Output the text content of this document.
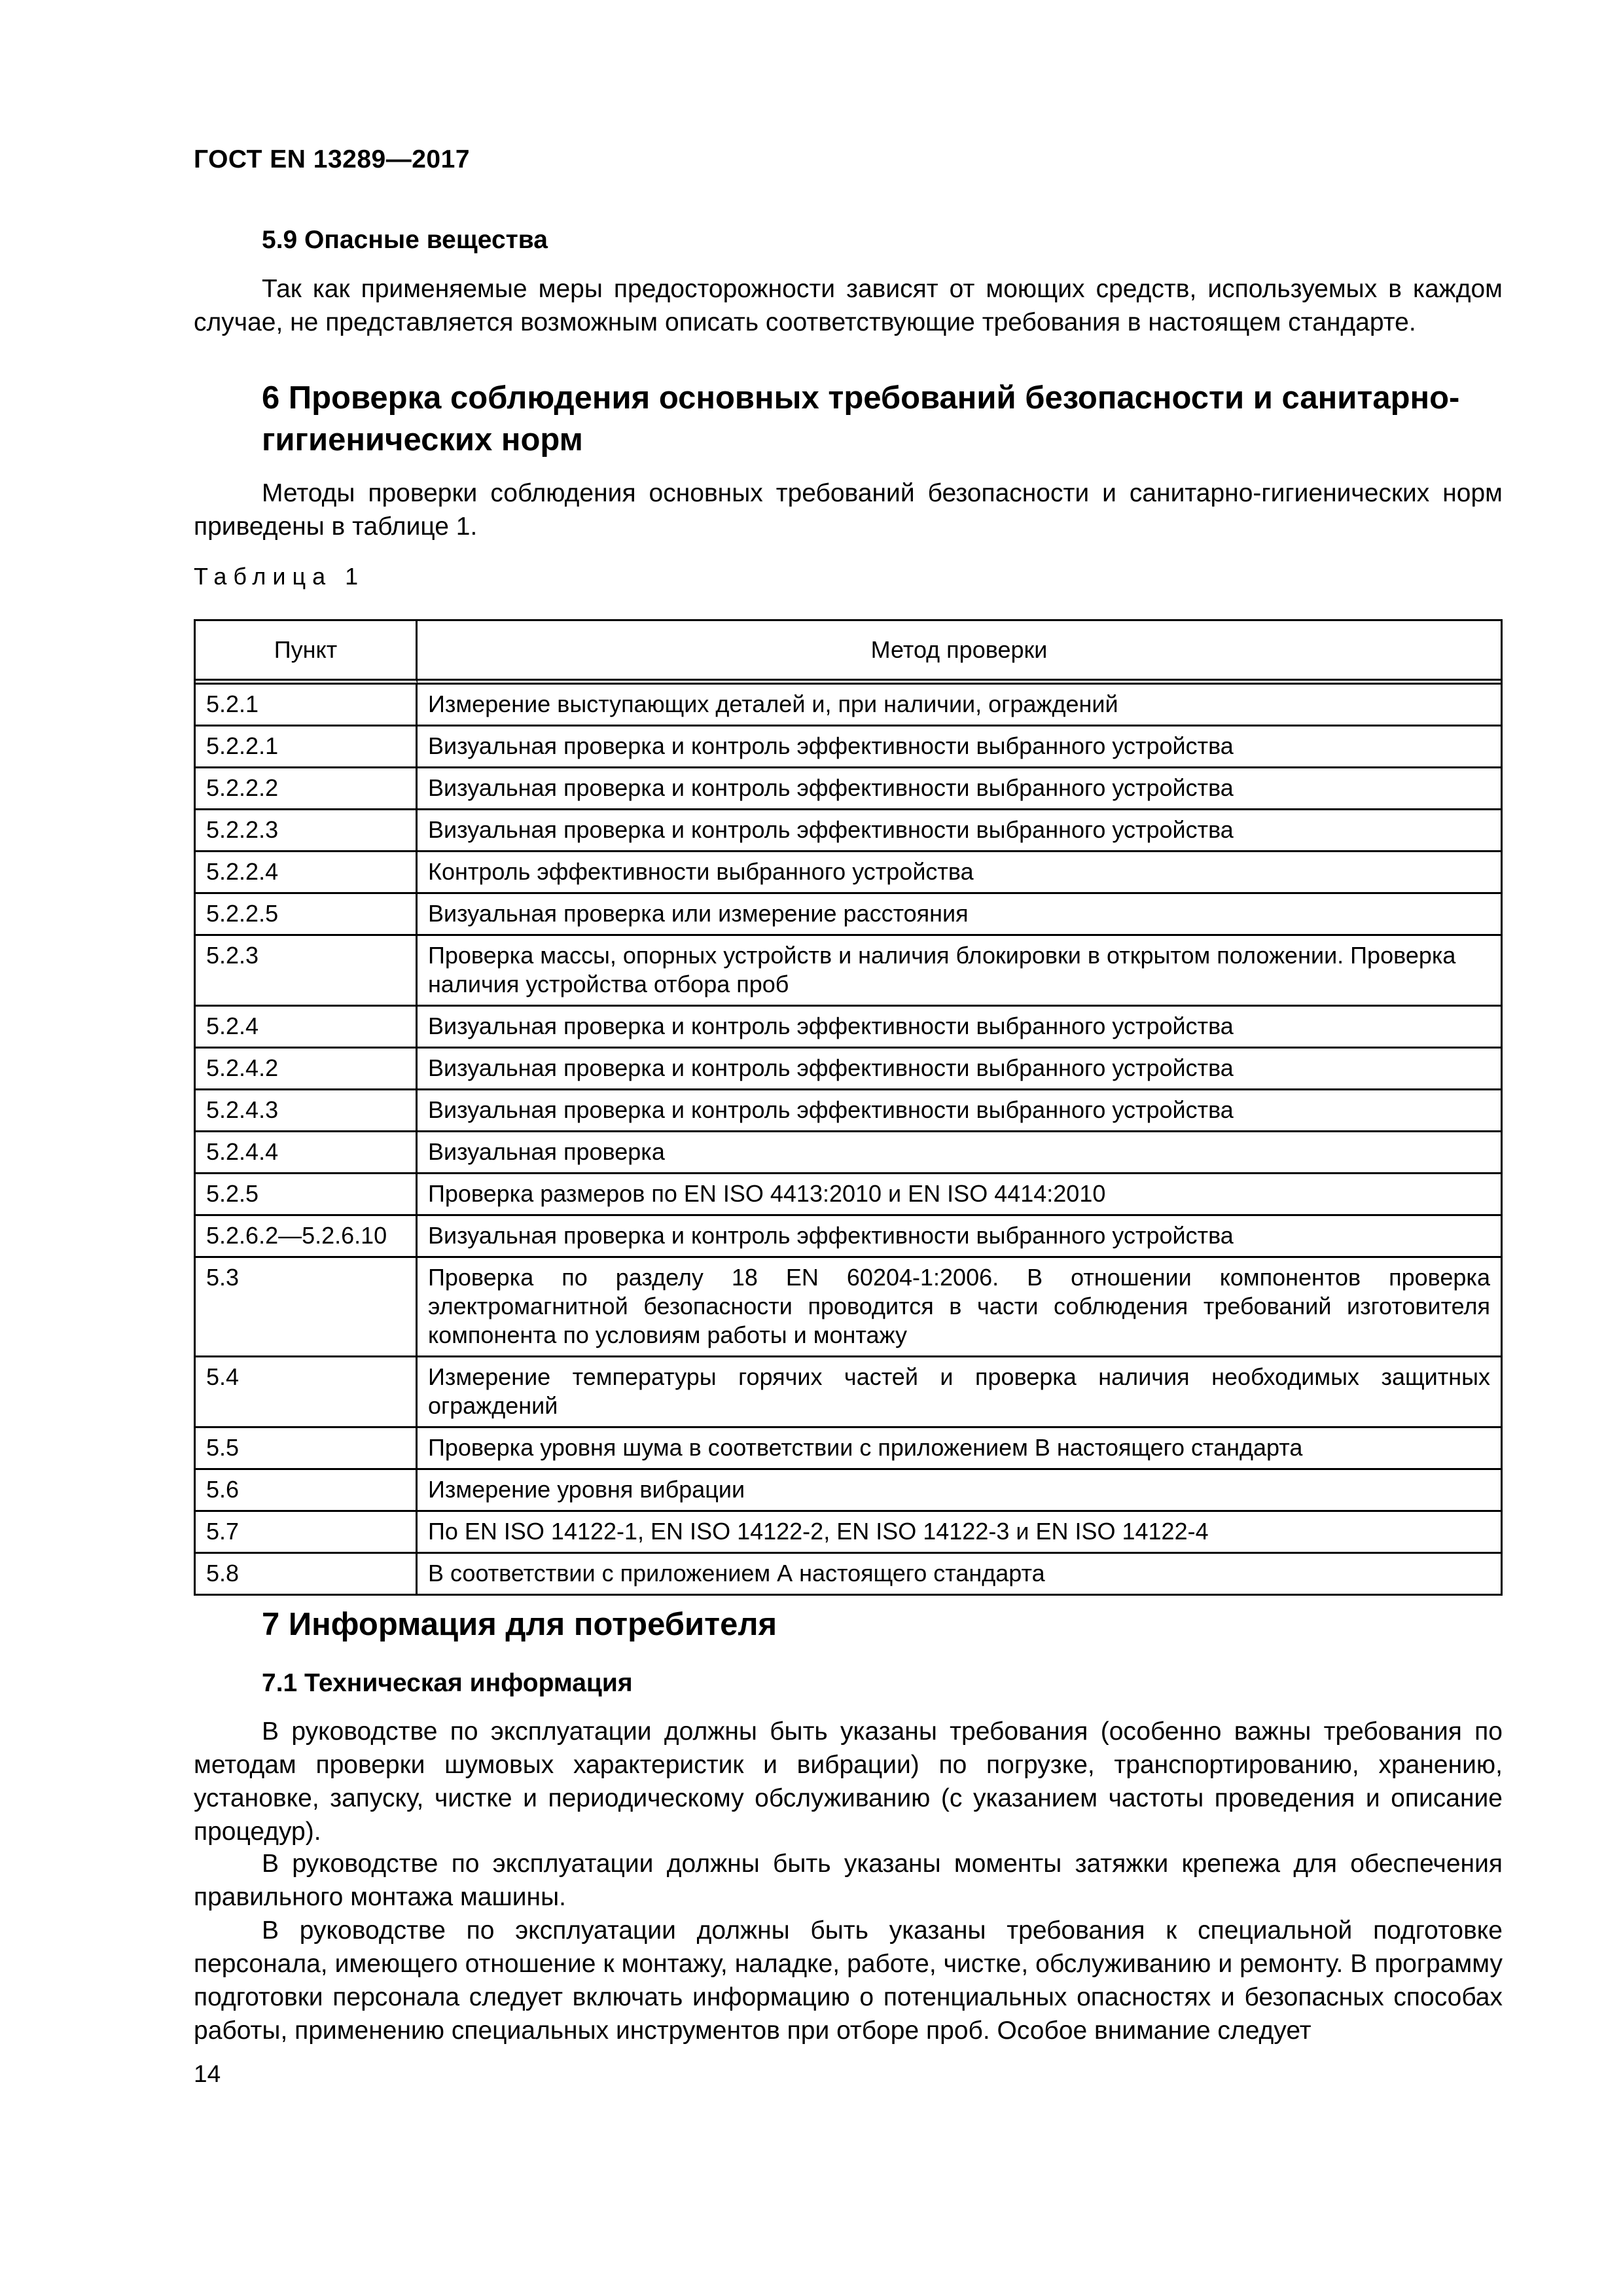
ГОСТ EN 13289—2017
5.9 Опасные вещества
Так как применяемые меры предосторожности зависят от моющих средств, используемых в каждом случае, не представляется возможным описать соответствующие требования в настоящем стандарте.
6 Проверка соблюдения основных требований безопасности и санитарно-
гигиенических норм
Методы проверки соблюдения основных требований безопасности и санитарно-гигиенических норм приведены в таблице 1.
Таблица 1
Пункт	Метод проверки
5.2.1	Измерение выступающих деталей и, при наличии, ограждений
5.2.2.1	Визуальная проверка и контроль эффективности выбранного устройства
5.2.2.2	Визуальная проверка и контроль эффективности выбранного устройства
5.2.2.3	Визуальная проверка и контроль эффективности выбранного устройства
5.2.2.4	Контроль эффективности выбранного устройства
5.2.2.5	Визуальная проверка или измерение расстояния
5.2.3	Проверка массы, опорных устройств и наличия блокировки в открытом положении. Проверка наличия устройства отбора проб
5.2.4	Визуальная проверка и контроль эффективности выбранного устройства
5.2.4.2	Визуальная проверка и контроль эффективности выбранного устройства
5.2.4.3	Визуальная проверка и контроль эффективности выбранного устройства
5.2.4.4	Визуальная проверка
5.2.5	Проверка размеров по EN ISO 4413:2010 и EN ISO 4414:2010
5.2.6.2—5.2.6.10	Визуальная проверка и контроль эффективности выбранного устройства
5.3	Проверка по разделу 18 EN 60204-1:2006. В отношении компонентов проверка электромагнитной безопасности проводится в части соблюдения требований изготовителя компонента по условиям работы и монтажу
5.4	Измерение температуры горячих частей и проверка наличия необходимых защитных ограждений
5.5	Проверка уровня шума в соответствии с приложением В настоящего стандарта
5.6	Измерение уровня вибрации
5.7	По EN ISO 14122-1, EN ISO 14122-2, EN ISO 14122-3 и EN ISO 14122-4
5.8	В соответствии с приложением А настоящего стандарта
7 Информация для потребителя
7.1 Техническая информация
В руководстве по эксплуатации должны быть указаны требования (особенно важны требования по методам проверки шумовых характеристик и вибрации) по погрузке, транспортированию, хранению, установке, запуску, чистке и периодическому обслуживанию (с указанием частоты проведения и описание процедур).
В руководстве по эксплуатации должны быть указаны моменты затяжки крепежа для обеспечения правильного монтажа машины.
В руководстве по эксплуатации должны быть указаны требования к специальной подготовке персонала, имеющего отношение к монтажу, наладке, работе, чистке, обслуживанию и ремонту. В программу подготовки персонала следует включать информацию о потенциальных опасностях и безопасных способах работы, применению специальных инструментов при отборе проб. Особое внимание следует
14
